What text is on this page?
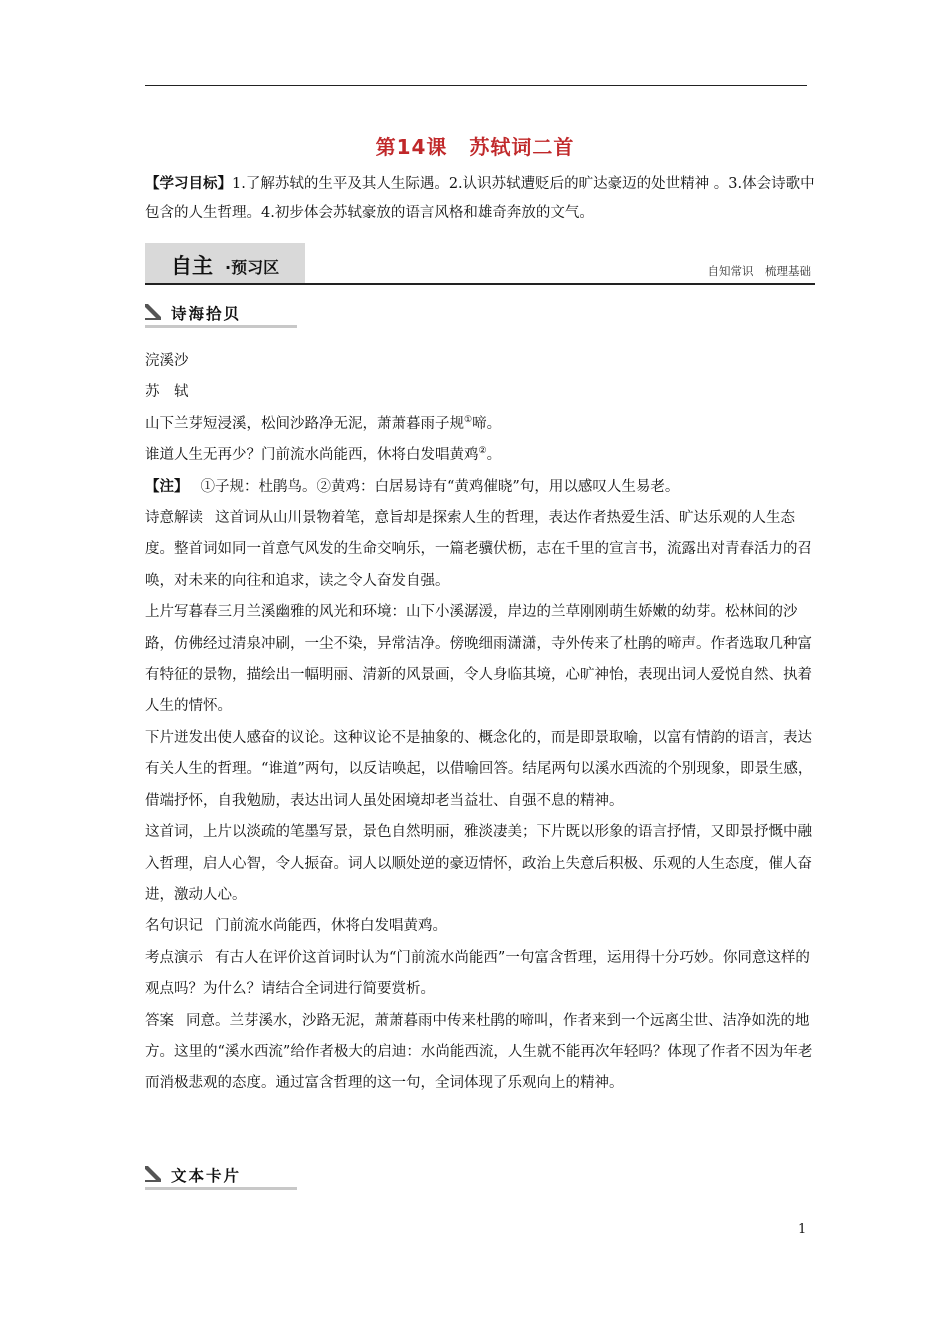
第14课 苏轼词二首
【学习目标】1.了解苏轼的生平及其人生际遇。2.认识苏轼遭贬后的旷达豪迈的处世精神 。3.体会诗歌中包含的人生哲理。4.初步体会苏轼豪放的语言风格和雄奇奔放的文气。
自主 ·预习区	自知常识　梳理基础
诗海拾贝

浣溪沙

苏　轼

山下兰芽短浸溪，松间沙路净无泥，萧萧暮雨子规①啼。

谁道人生无再少？门前流水尚能西，休将白发唱黄鸡②。

【注】 ①子规：杜鹃鸟。②黄鸡：白居易诗有“黄鸡催晓”句，用以感叹人生易老。

诗意解读 这首词从山川景物着笔，意旨却是探索人生的哲理，表达作者热爱生活、旷达乐观的人生态度。整首词如同一首意气风发的生命交响乐，一篇老骥伏枥，志在千里的宣言书，流露出对青春活力的召唤，对未来的向往和追求，读之令人奋发自强。

上片写暮春三月兰溪幽雅的风光和环境：山下小溪潺湲，岸边的兰草刚刚萌生娇嫩的幼芽。松林间的沙路，仿佛经过清泉冲刷，一尘不染，异常洁净。傍晚细雨潇潇，寺外传来了杜鹃的啼声。作者选取几种富有特征的景物，描绘出一幅明丽、清新的风景画，令人身临其境，心旷神怡，表现出词人爱悦自然、执着人生的情怀。

下片迸发出使人感奋的议论。这种议论不是抽象的、概念化的，而是即景取喻，以富有情韵的语言，表达有关人生的哲理。“谁道”两句，以反诘唤起，以借喻回答。结尾两句以溪水西流的个别现象，即景生感，借端抒怀，自我勉励，表达出词人虽处困境却老当益壮、自强不息的精神。

这首词，上片以淡疏的笔墨写景，景色自然明丽，雅淡凄美；下片既以形象的语言抒情，又即景抒慨中融入哲理，启人心智，令人振奋。词人以顺处逆的豪迈情怀，政治上失意后积极、乐观的人生态度，催人奋进，激动人心。

名句识记 门前流水尚能西，休将白发唱黄鸡。

考点演示 有古人在评价这首词时认为“门前流水尚能西”一句富含哲理，运用得十分巧妙。你同意这样的观点吗？为什么？请结合全词进行简要赏析。

答案 同意。兰芽溪水，沙路无泥，萧萧暮雨中传来杜鹃的啼叫，作者来到一个远离尘世、洁净如洗的地方。这里的“溪水西流”给作者极大的启迪：水尚能西流，人生就不能再次年轻吗？体现了作者不因为年老而消极悲观的态度。通过富含哲理的这一句，全词体现了乐观向上的精神。

文本卡片
1
